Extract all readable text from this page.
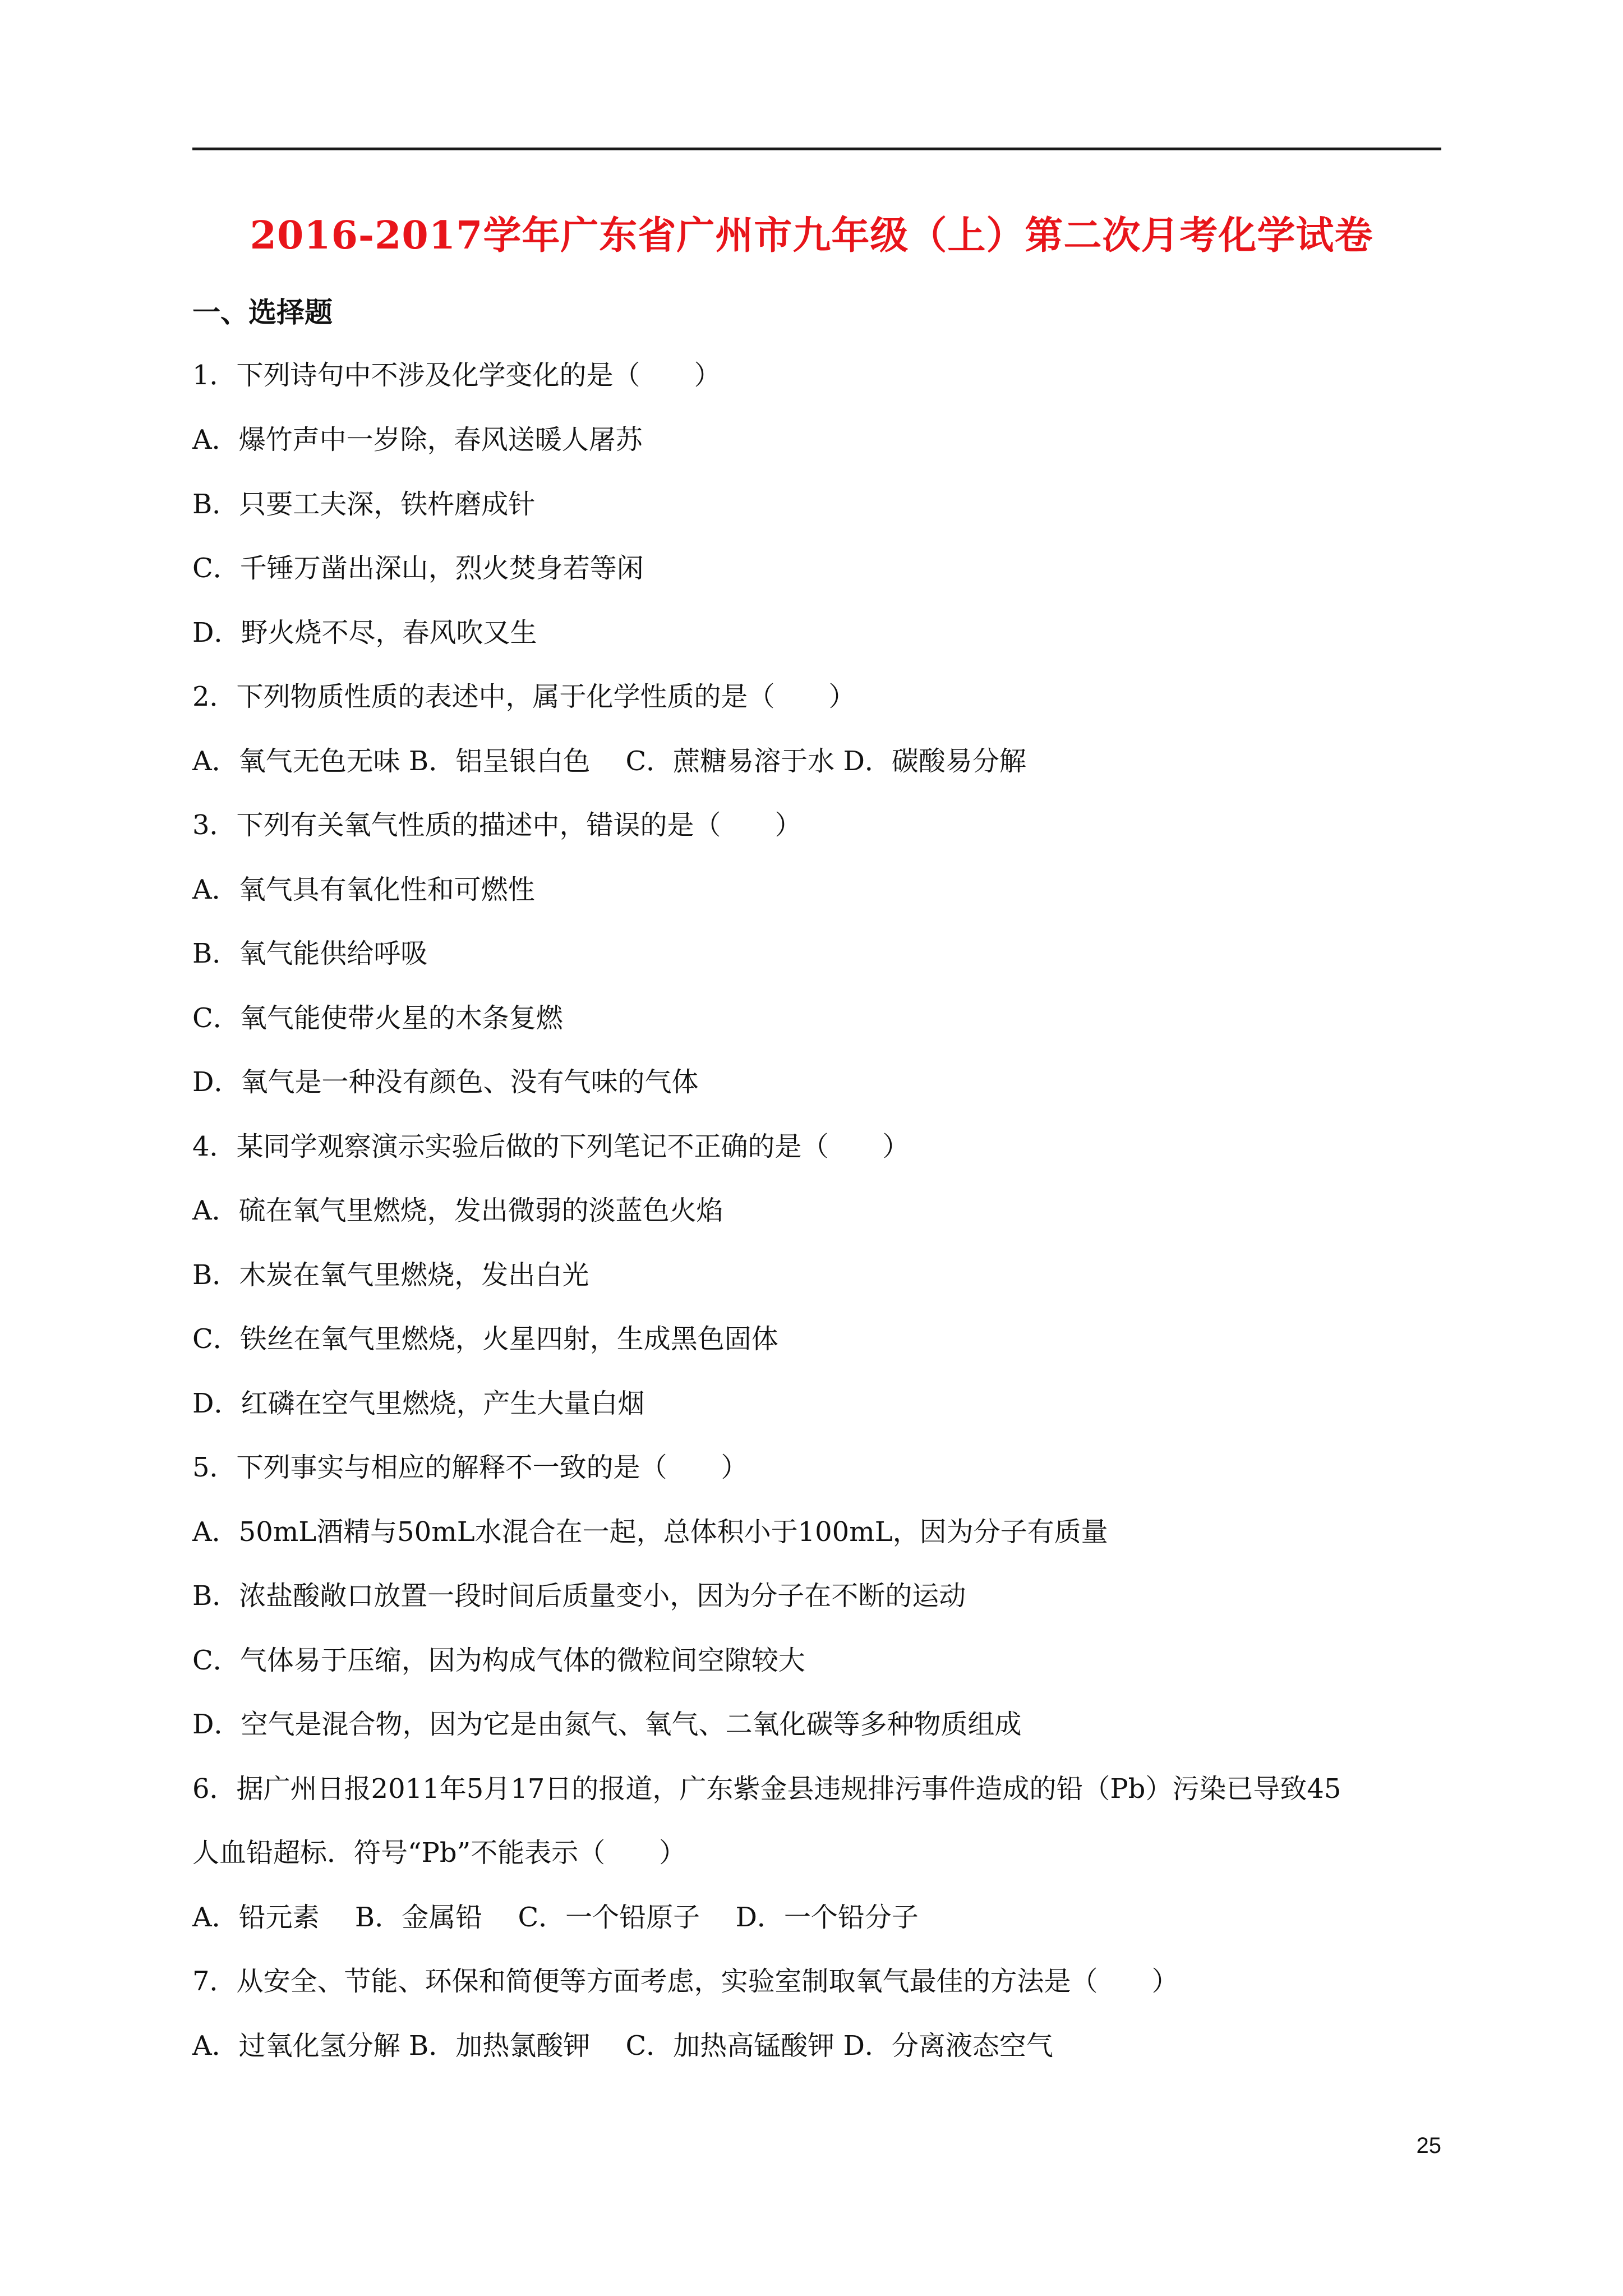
2016-2017学年广东省广州市九年级（上）第二次月考化学试卷
一、选择题
1．下列诗句中不涉及化学变化的是（　　）
A．爆竹声中一岁除，春风送暖人屠苏
B．只要工夫深，铁杵磨成针
C．千锤万凿出深山，烈火焚身若等闲
D．野火烧不尽，春风吹又生
2．下列物质性质的表述中，属于化学性质的是（　　）
A．氧气无色无味 B．铝呈银白色　 C．蔗糖易溶于水 D．碳酸易分解
3．下列有关氧气性质的描述中，错误的是（　　）
A．氧气具有氧化性和可燃性
B．氧气能供给呼吸
C．氧气能使带火星的木条复燃
D．氧气是一种没有颜色、没有气味的气体
4．某同学观察演示实验后做的下列笔记不正确的是（　　）
A．硫在氧气里燃烧，发出微弱的淡蓝色火焰
B．木炭在氧气里燃烧，发出白光
C．铁丝在氧气里燃烧，火星四射，生成黑色固体
D．红磷在空气里燃烧，产生大量白烟
5．下列事实与相应的解释不一致的是（　　）
A．50mL酒精与50mL水混合在一起，总体积小于100mL，因为分子有质量
B．浓盐酸敞口放置一段时间后质量变小，因为分子在不断的运动
C．气体易于压缩，因为构成气体的微粒间空隙较大
D．空气是混合物，因为它是由氮气、氧气、二氧化碳等多种物质组成
6．据广州日报2011年5月17日的报道，广东紫金县违规排污事件造成的铅（Pb）污染已导致45
人血铅超标．符号“Pb”不能表示（　　）
A．铅元素　 B．金属铅　 C．一个铅原子　 D．一个铅分子
7．从安全、节能、环保和简便等方面考虑，实验室制取氧气最佳的方法是（　　）
A．过氧化氢分解 B．加热氯酸钾　 C．加热高锰酸钾 D．分离液态空气
25
